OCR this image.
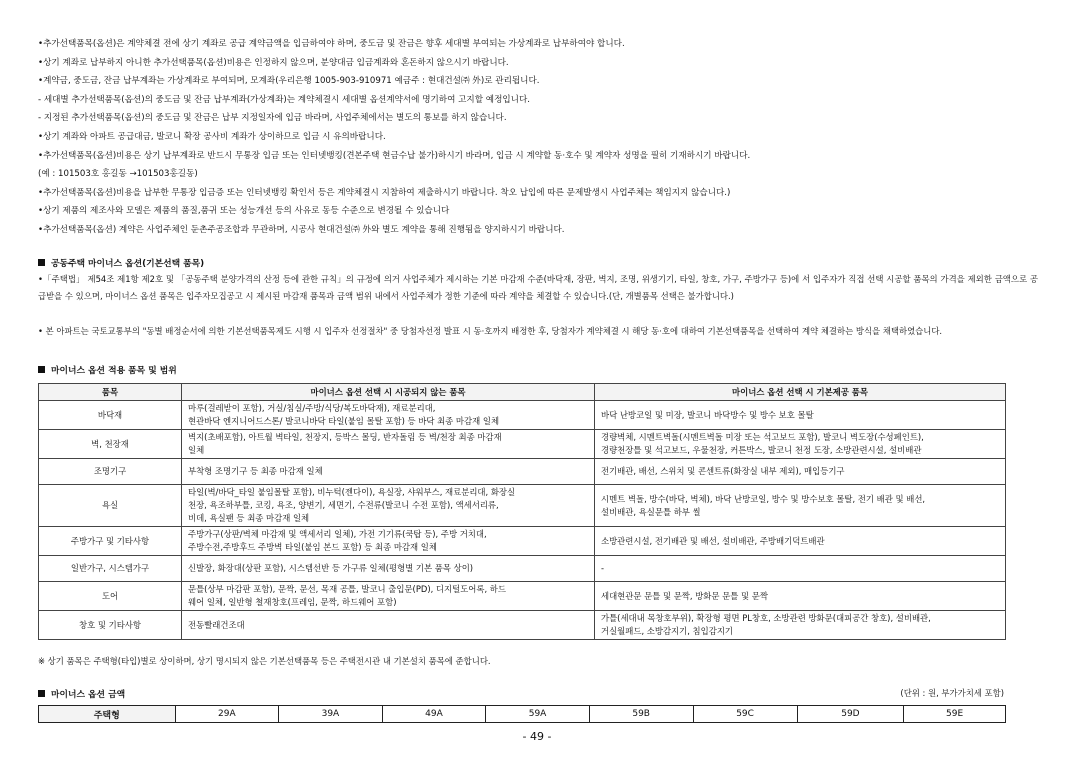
•추가선택품목(옵션)은 계약체결 전에 상기 계좌로 공급 계약금액을 입금하여야 하며, 중도금 및 잔금은 향후 세대별 부여되는 가상계좌로 납부하여야 합니다.
•상기 계좌로 납부하지 아니한 추가선택품목(옵션)비용은 인정하지 않으며, 분양대금 입금계좌와 혼돈하지 않으시기 바랍니다.
•계약금, 중도금, 잔금 납부계좌는 가상계좌로 부여되며, 모계좌(우리은행 1005-903-910971 예금주 : 현대건설㈜ 外)로 관리됩니다.
- 세대별 추가선택품목(옵션)의 중도금 및 잔금 납부계좌(가상계좌)는 계약체결시 세대별 옵션계약서에 명기하여 고지할 예정입니다.
- 지정된 추가선택품목(옵션)의 중도금 및 잔금은 납부 지정일자에 입금 바라며, 사업주체에서는 별도의 통보를 하지 않습니다.
•상기 계좌와 아파트 공급대금, 발코니 확장 공사비 계좌가 상이하므로 입금 시 유의바랍니다.
•추가선택품목(옵션)비용은 상기 납부계좌로 반드시 무통장 입금 또는 인터넷뱅킹(견본주택 현금수납 불가)하시기 바라며, 입금 시 계약할 동·호수 및 계약자 성명을 필히 기재하시기 바랍니다.
(예 : 101503호 홍길동 →101503홍길동)
•추가선택품목(옵션)비용을 납부한 무통장 입금증 또는 인터넷뱅킹 확인서 등은 계약체결시 지참하여 제출하시기 바랍니다. 착오 납입에 따른 문제발생시 사업주체는 책임지지 않습니다.)
•상기 제품의 제조사와 모델은 제품의 품질,품귀 또는 성능개선 등의 사유로 동등 수준으로 변경될 수 있습니다
•추가선택품목(옵션) 계약은 사업주체인 둔촌주공조합과 무관하며, 시공사 현대건설㈜ 外와 별도 계약을 통해 진행됨을 양지하시기 바랍니다.
공동주택 마이너스 옵션(기본선택 품목)
•「주택법」 제54조 제1항 제2호 및 「공동주택 분양가격의 산정 등에 관한 규칙」의 규정에 의거 사업주체가 제시하는 기본 마감재 수준(바닥재, 장판, 벽지, 조명, 위생기기, 타일, 창호, 가구, 주방가구 등)에 서 입주자가 직접 선택 시공할 품목의 가격을 제외한 금액으로 공급받을 수 있으며, 마이너스 옵션 품목은 입주자모집공고 시 제시된 마감재 품목과 금액 범위 내에서 사업주체가 정한 기준에 따라 계약을 체결할 수 있습니다.(단, 개별품목 선택은 불가합니다.)
• 본 아파트는 국토교통부의 "동별 배정순서에 의한 기본선택품목제도 시행 시 입주자 선정절차" 중 당첨자선정 발표 시 동·호까지 배정한 후, 당첨자가 계약체결 시 해당 동·호에 대하여 기본선택품목을 선택하여 계약 체결하는 방식을 채택하였습니다.
마이너스 옵션 적용 품목 및 범위
품목	마이너스 옵션 선택 시 시공되지 않는 품목	마이너스 옵션 선택 시 기본제공 품목
바닥재	마루(걸레받이 포함), 거실/침실/주방/식당/복도바닥재), 재료분리대,
현관바닥 엔지니어드스톤/ 발코니바닥 타일(붙임 몰탈 포함) 등 바닥 최종 마감재 일체	바닥 난방코일 및 미장, 발코니 바닥방수 및 방수 보호 몰탈
벽, 천장재	벽지(초배포함), 아트월 벽타일, 천장지, 등박스 몰딩, 반자돌림 등 벽/천장 최종 마감재
일체	경량벽체, 시멘트벽돌(시멘트벽돌 미장 또는 석고보드 포함), 발코니 벽도장(수성페인트),
경량천장틀 및 석고보드, 우물천장, 커튼박스, 발코니 천정 도장, 소방관련시설, 설비배관
조명기구	부착형 조명기구 등 최종 마감재 일체	전기배관, 배선, 스위치 및 콘센트류(화장실 내부 제외), 매입등기구
욕실	타일(벽/바닥_타일 붙임몰탈 포함), 비누턱(젠다이), 욕실장, 샤워부스, 재료분리대, 화장실
천장, 욕조하부틀, 코킹, 욕조, 양변기, 세면기, 수전류(발코니 수전 포함), 액세서리류,
비데, 욕실팬 등 최종 마감재 일체	시멘트 벽돌, 방수(바닥, 벽체), 바닥 난방코일, 방수 및 방수보호 몰탈, 전기 배관 및 배선,
설비배관, 욕실문틀 하부 씰
주방가구 및 기타사항	주방가구(상판/벽체 마감재 및 액세서리 일체), 가전 기기류(쿡탑 등), 주방 거치대,
주방수전,주방후드 주방벽 타일(붙임 본드 포함) 등 최종 마감재 일체	소방관련시설, 전기배관 및 배선, 설비배관, 주방배기덕트배관
일반가구, 시스템가구	신발장, 화장대(상판 포함), 시스템선반 등 가구류 일체(평형별 기본 품목 상이)	-
도어	문틀(상부 마감판 포함), 문짝, 문선, 목재 공틀, 발코니 출입문(PD), 디지털도어록, 하드
웨어 일체, 일반형 철재창호(프레임, 문짝, 하드웨어 포함)	세대현관문 문틀 및 문짝, 방화문 문틀 및 문짝
창호 및 기타사항	전동빨래건조대	가틀(세대내 목창호부위), 확장형 평면 PL창호, 소방관련 방화문(대피공간 창호), 설비배관,
거실월패드, 소방감지기, 침입감지기
※ 상기 품목은 주택형(타입)별로 상이하며, 상기 명시되지 않은 기본선택품목 등은 주택전시관 내 기본설치 품목에 준합니다.
마이너스 옵션 금액	(단위 : 원, 부가가치세 포함)
주택형	29A	39A	49A	59A	59B	59C	59D	59E
- 49 -
